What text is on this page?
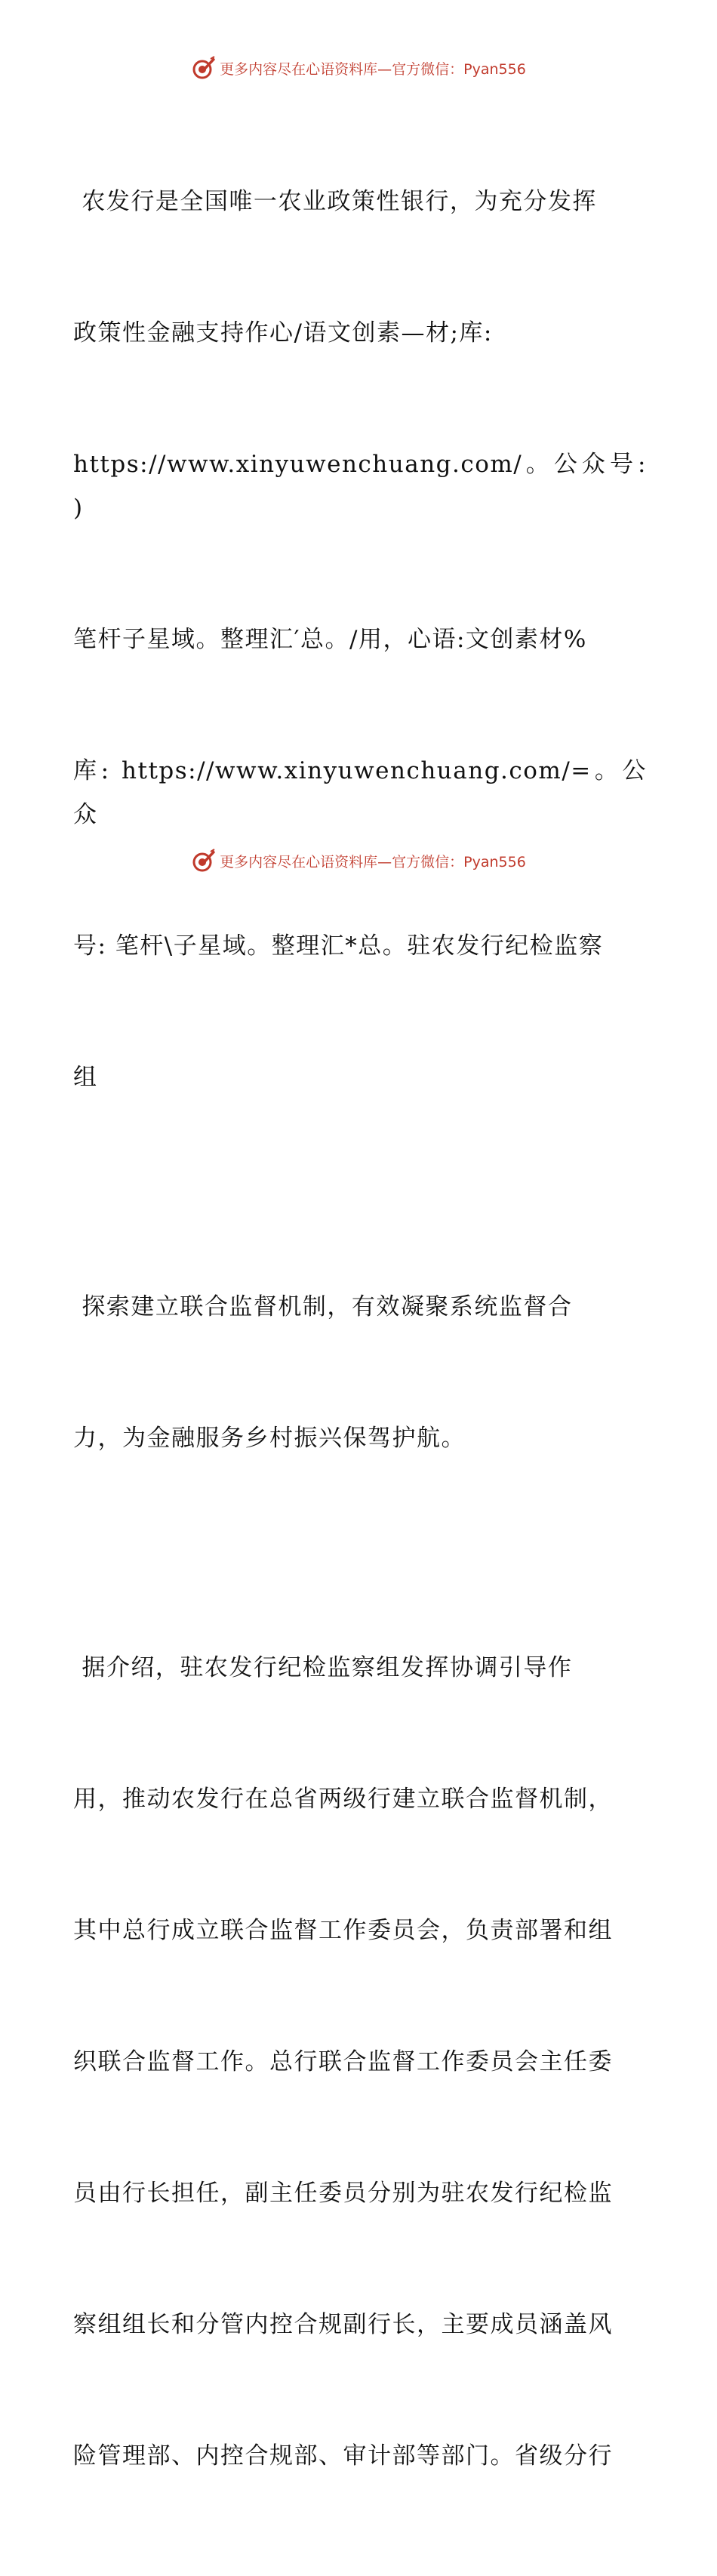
更多内容尽在心语资料库—官方微信：Pyan556

农发行是全国唯一农业政策性银行，为充分发挥

政策性金融支持作心/语文创素—材;库:

https://www.xinyuwenchuang.com/。公众号: )

笔杆子星域。整理汇′总。/用，心语:文创素材%

库: https://www.xinyuwenchuang.com/=。公众

号: 笔杆\子星域。整理汇*总。驻农发行纪检监察

组

探索建立联合监督机制，有效凝聚系统监督合

力，为金融服务乡村振兴保驾护航。

据介绍，驻农发行纪检监察组发挥协调引导作

用，推动农发行在总省两级行建立联合监督机制，

其中总行成立联合监督工作委员会，负责部署和组

织联合监督工作。总行联合监督工作委员会主任委

员由行长担任，副主任委员分别为驻农发行纪检监

察组组长和分管内控合规副行长，主要成员涵盖风

险管理部、内控合规部、审计部等部门。省级分行

更多内容尽在心语资料库—官方微信：Pyan556
